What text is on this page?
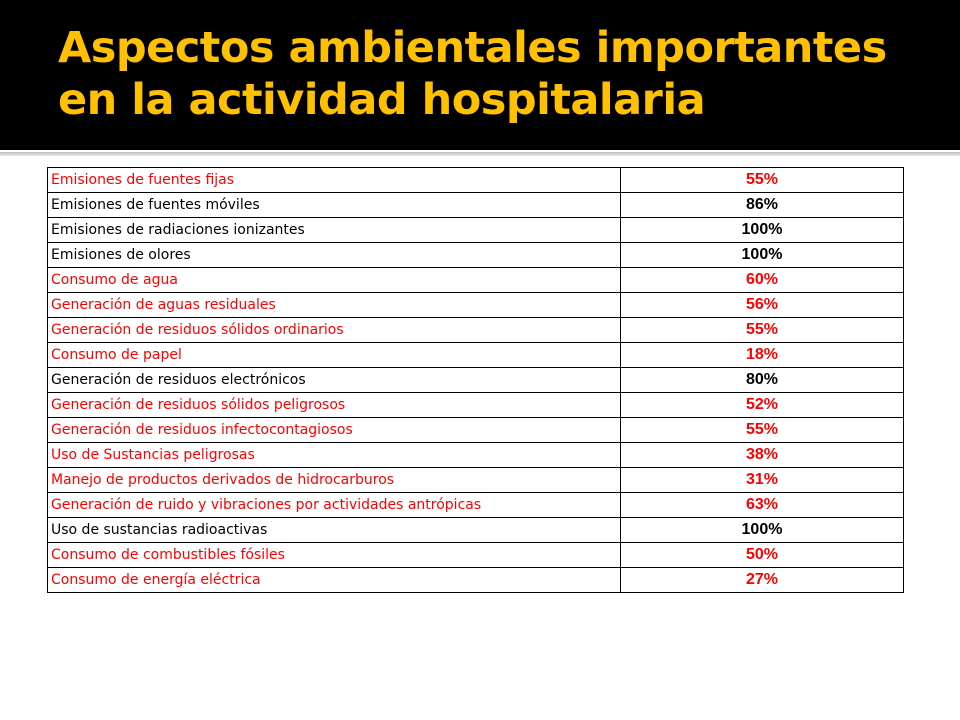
Aspectos ambientales importantes
en la actividad hospitalaria
Emisiones de fuentes fijas	55%
Emisiones de fuentes móviles	86%
Emisiones de radiaciones ionizantes	100%
Emisiones de olores	100%
Consumo de agua	60%
Generación de aguas residuales	56%
Generación de residuos sólidos ordinarios	55%
Consumo de papel	18%
Generación de residuos electrónicos	80%
Generación de residuos sólidos peligrosos	52%
Generación de residuos infectocontagiosos	55%
Uso de Sustancias peligrosas	38%
Manejo de productos derivados de hidrocarburos	31%
Generación de ruido y vibraciones por actividades antrópicas	63%
Uso de sustancias radioactivas	100%
Consumo de combustibles fósiles	50%
Consumo de energía eléctrica	27%
